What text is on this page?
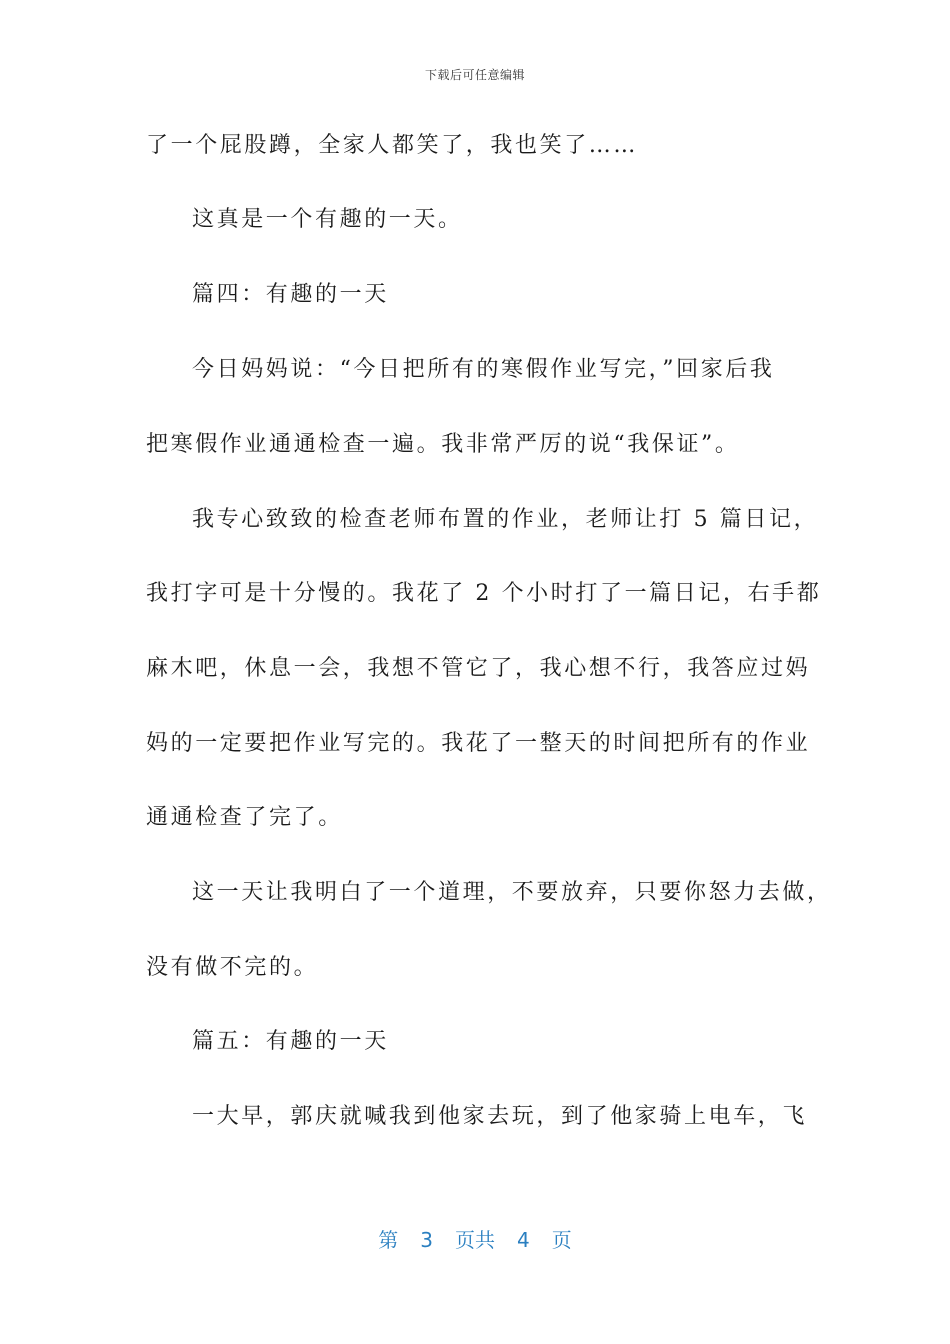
下载后可任意编辑
了一个屁股蹲，全家人都笑了，我也笑了……
这真是一个有趣的一天。
篇四：有趣的一天
今日妈妈说：“今日把所有的寒假作业写完，”回家后我
把寒假作业通通检查一遍。我非常严厉的说“我保证”。
我专心致致的检查老师布置的作业，老师让打 5 篇日记，
我打字可是十分慢的。我花了 2 个小时打了一篇日记，右手都
麻木吧，休息一会，我想不管它了，我心想不行，我答应过妈
妈的一定要把作业写完的。我花了一整天的时间把所有的作业
通通检查了完了。
这一天让我明白了一个道理，不要放弃，只要你怒力去做，
没有做不完的。
篇五：有趣的一天
一大早，郭庆就喊我到他家去玩，到了他家骑上电车，飞
第 3 页共 4 页
